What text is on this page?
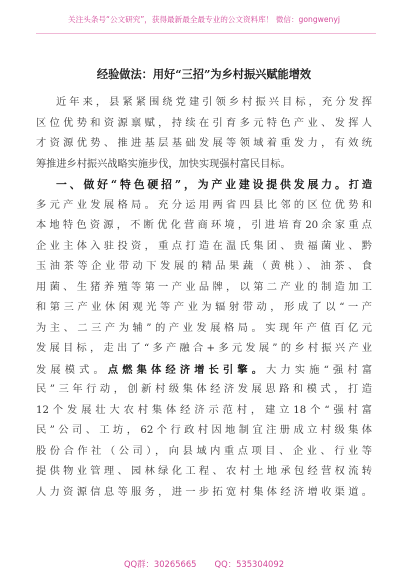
关注头条号“公文研究”，获得最新最全最专业的公文资料库！ 微信：gongwenyj
经验做法：用好“三招”为乡村振兴赋能增效
近年来，县紧紧围绕党建引领乡村振兴目标，充分发挥
区位优势和资源禀赋，持续在引育多元特色产业、发挥人
才资源优势、推进基层基础发展等领域着重发力，有效统
筹推进乡村振兴战略实施步伐，加快实现强村富民目标。
一、做好“特色硬招”，为产业建设提供发展力。打造
多元产业发展格局。充分运用两省四县比邻的区位优势和
本地特色资源，不断优化营商环境，引进培育20余家重点
企业主体入驻投资，重点打造在温氏集团、贵福菌业、黔
玉油茶等企业带动下发展的精品果蔬（黄桃）、油茶、食
用菌、生猪养殖等第一产业品牌，以第二产业的制造加工
和第三产业休闲观光等产业为辐射带动，形成了以“一产
为主、二三产为辅”的产业发展格局。实现年产值百亿元
发展目标，走出了“多产融合+多元发展”的乡村振兴产业
发展模式。点燃集体经济增长引擎。大力实施“强村富
民”三年行动，创新村级集体经济发展思路和模式，打造
12个发展壮大农村集体经济示范村，建立18个“强村富
民”公司、工坊，62个行政村因地制宜注册成立村级集体
股份合作社（公司），向县域内重点项目、企业、行业等
提供物业管理、园林绿化工程、农村土地承包经营权流转
人力资源信息等服务，进一步拓宽村集体经济增收渠道。
QQ群：30265665 QQ：535304092
